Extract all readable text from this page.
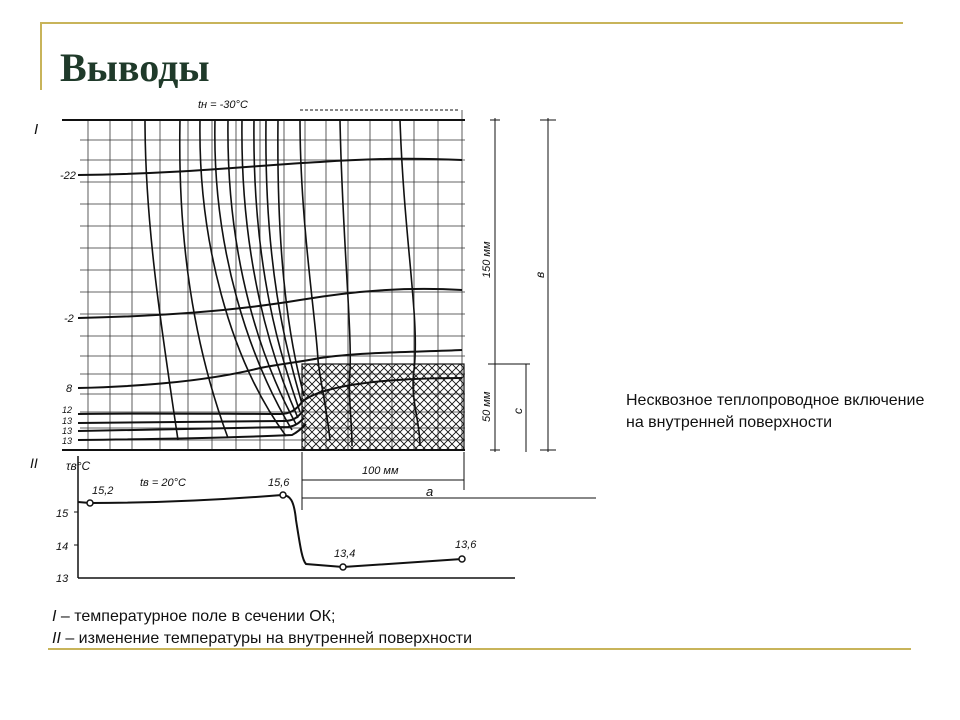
Выводы
I
tн = -30°C
-22
-2
8
12
13
13
13
150 мм
50 мм
в
с
100 мм
а
II τв°С
tв = 20°C
15
14
13
15,2
15,6
13,4
13,6
Несквозное теплопроводное включение на внутренней поверхности
I – температурное поле в сечении ОК;
II – изменение температуры на внутренней поверхности
